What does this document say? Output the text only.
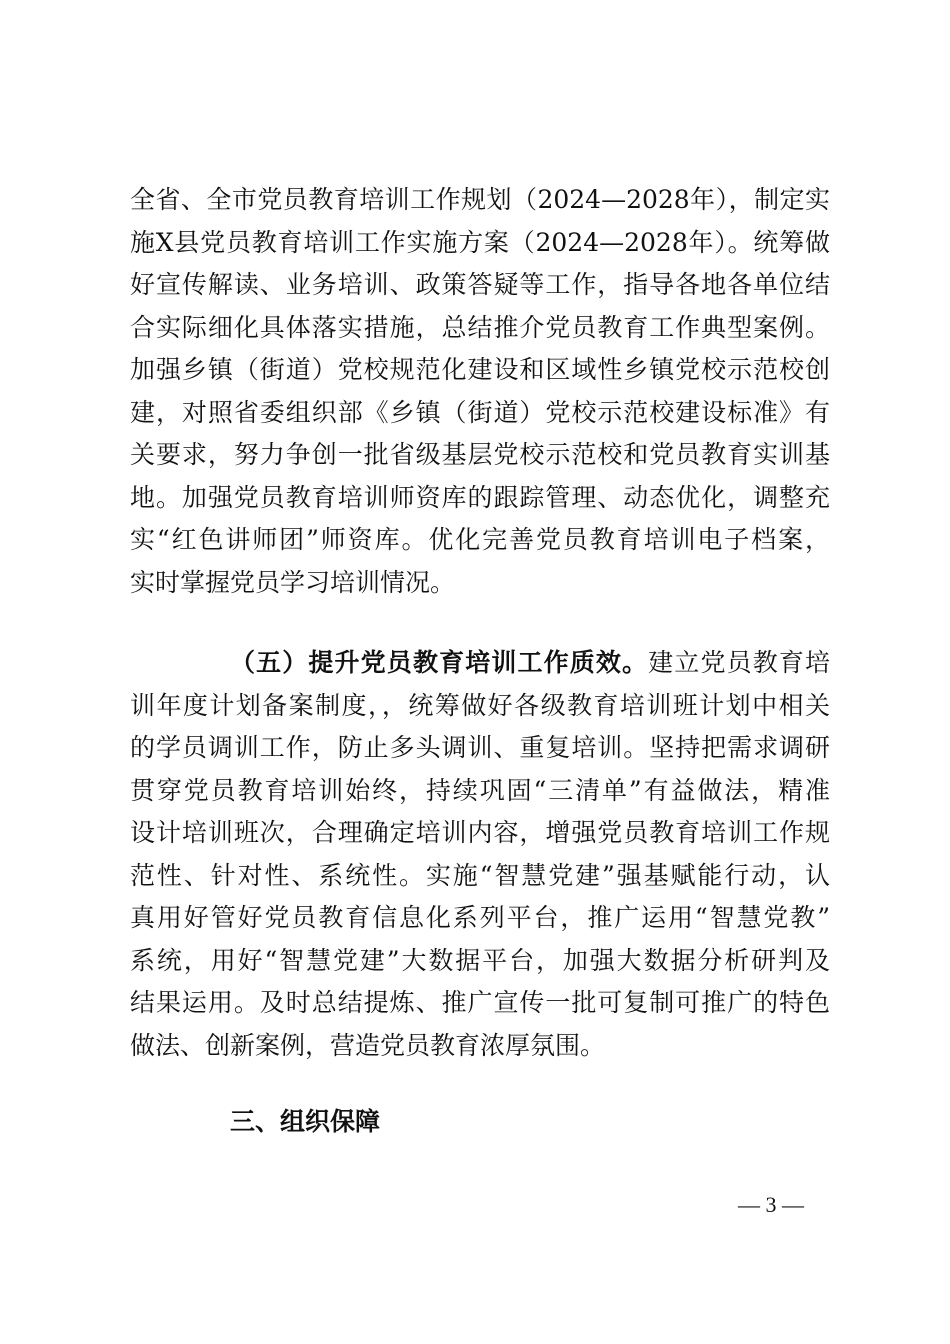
全省、全市党员教育培训工作规划（2024—2028年），制定实
施X县党员教育培训工作实施方案（2024—2028年）。统筹做
好宣传解读、业务培训、政策答疑等工作，指导各地各单位结
合实际细化具体落实措施，总结推介党员教育工作典型案例。
加强乡镇（街道）党校规范化建设和区域性乡镇党校示范校创
建，对照省委组织部《乡镇（街道）党校示范校建设标准》有
关要求，努力争创一批省级基层党校示范校和党员教育实训基
地。加强党员教育培训师资库的跟踪管理、动态优化，调整充
实“红色讲师团”师资库。优化完善党员教育培训电子档案，
实时掌握党员学习培训情况。
（五）提升党员教育培训工作质效。建立党员教育培
训年度计划备案制度，，统筹做好各级教育培训班计划中相关
的学员调训工作，防止多头调训、重复培训。坚持把需求调研
贯穿党员教育培训始终，持续巩固“三清单”有益做法，精准
设计培训班次，合理确定培训内容，增强党员教育培训工作规
范性、针对性、系统性。实施“智慧党建”强基赋能行动，认
真用好管好党员教育信息化系列平台，推广运用“智慧党教”
系统，用好“智慧党建”大数据平台，加强大数据分析研判及
结果运用。及时总结提炼、推广宣传一批可复制可推广的特色
做法、创新案例，营造党员教育浓厚氛围。
三、组织保障
— 3 —
